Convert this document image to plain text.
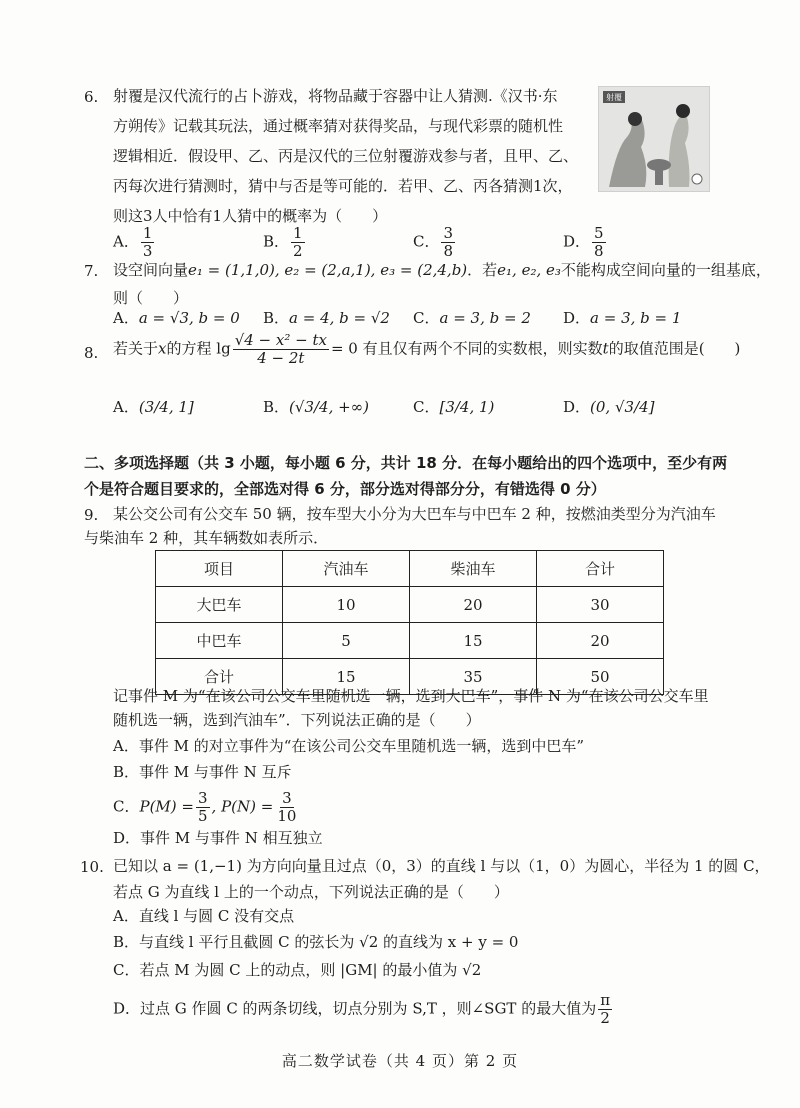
6. 射覆是汉代流行的占卜游戏，将物品藏于容器中让人猜测.《汉书·东
方朔传》记载其玩法，通过概率猜对获得奖品，与现代彩票的随机性
逻辑相近．假设甲、乙、丙是汉代的三位射覆游戏参与者，且甲、乙、
丙每次进行猜测时，猜中与否是等可能的．若甲、乙、丙各猜测1次，
则这3人中恰有1人猜中的概率为（　　）
射覆
A． $\frac{1}{3}$	B． $\frac{1}{2}$	C． $\frac{3}{8}$	D． $\frac{5}{8}$
7. 设空间向量e₁ = (1,1,0), e₂ = (2,a,1), e₃ = (2,4,b)．若e₁, e₂, e₃不能构成空间向量的一组基底，
则（　　）
A．a = √3, b = 0 B．a = 4, b = √2 C．a = 3, b = 2 D．a = 3, b = 1
8. 若关于x的方程 $\lg \frac{\text{√4 − x² − tx}}{4 - 2t} = 0$ 有且仅有两个不同的实数根，则实数t的取值范围是(　　)
A．(3/4, 1]	B．(√3/4, +∞)	C．[3/4, 1)	D．(0, √3/4]
二、多项选择题（共 3 小题，每小题 6 分，共计 18 分．在每小题给出的四个选项中，至少有两
个是符合题目要求的，全部选对得 6 分，部分选对得部分分，有错选得 0 分）
9. 某公交公司有公交车 50 辆，按车型大小分为大巴车与中巴车 2 种，按燃油类型分为汽油车
与柴油车 2 种，其车辆数如表所示．
项目	汽油车	柴油车	合计
大巴车	10	20	30
中巴车	5	15	20
合计	15	35	50
记事件 M 为“在该公司公交车里随机选一辆，选到大巴车”，事件 N 为“在该公司公交车里
随机选一辆，选到汽油车”．下列说法正确的是（　　）
A．事件 M 的对立事件为“在该公司公交车里随机选一辆，选到中巴车”
B．事件 M 与事件 N 互斥
C．$P(M) = \frac{3}{5}$ , $P(N) = \frac{3}{10}$
D．事件 M 与事件 N 相互独立
10. 已知以 a = (1,−1) 为方向向量且过点（0，3）的直线 l 与以（1，0）为圆心，半径为 1 的圆 C，
若点 G 为直线 l 上的一个动点，下列说法正确的是（　　）
A．直线 l 与圆 C 没有交点
B．与直线 l 平行且截圆 C 的弦长为 √2 的直线为 x + y = 0
C．若点 M 为圆 C 上的动点，则 |GM| 的最小值为 √2
D．过点 G 作圆 C 的两条切线，切点分别为 S,T ，则∠SGT 的最大值为 $\frac{\pi}{2}$
高二数学试卷（共 4 页）第 2 页
